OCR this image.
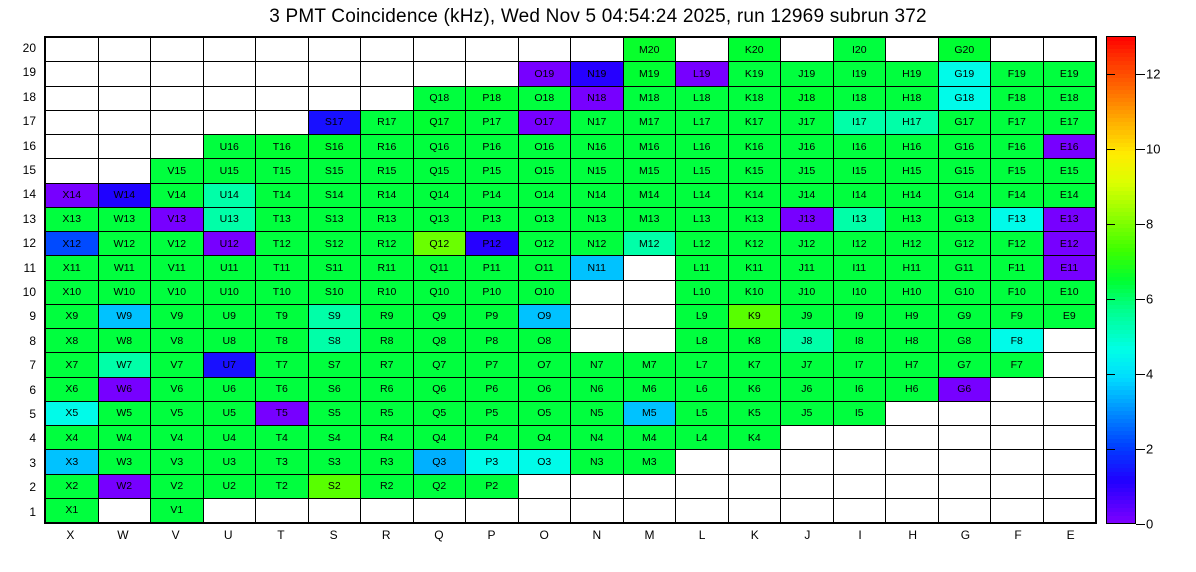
3 PMT Coincidence (kHz), Wed Nov 5 04:54:24 2025, run 12969 subrun 372
20
19
18
17
16
15
14
13
12
11
10
9
8
7
6
5
4
3
2
1
											M20		K20		I20		G20		
									O19	N19	M19	L19	K19	J19	I19	H19	G19	F19	E19
							Q18	P18	O18	N18	M18	L18	K18	J18	I18	H18	G18	F18	E18
					S17	R17	Q17	P17	O17	N17	M17	L17	K17	J17	I17	H17	G17	F17	E17
			U16	T16	S16	R16	Q16	P16	O16	N16	M16	L16	K16	J16	I16	H16	G16	F16	E16
		V15	U15	T15	S15	R15	Q15	P15	O15	N15	M15	L15	K15	J15	I15	H15	G15	F15	E15
X14	W14	V14	U14	T14	S14	R14	Q14	P14	O14	N14	M14	L14	K14	J14	I14	H14	G14	F14	E14
X13	W13	V13	U13	T13	S13	R13	Q13	P13	O13	N13	M13	L13	K13	J13	I13	H13	G13	F13	E13
X12	W12	V12	U12	T12	S12	R12	Q12	P12	O12	N12	M12	L12	K12	J12	I12	H12	G12	F12	E12
X11	W11	V11	U11	T11	S11	R11	Q11	P11	O11	N11		L11	K11	J11	I11	H11	G11	F11	E11
X10	W10	V10	U10	T10	S10	R10	Q10	P10	O10			L10	K10	J10	I10	H10	G10	F10	E10
X9	W9	V9	U9	T9	S9	R9	Q9	P9	O9			L9	K9	J9	I9	H9	G9	F9	E9
X8	W8	V8	U8	T8	S8	R8	Q8	P8	O8			L8	K8	J8	I8	H8	G8	F8	
X7	W7	V7	U7	T7	S7	R7	Q7	P7	O7	N7	M7	L7	K7	J7	I7	H7	G7	F7	
X6	W6	V6	U6	T6	S6	R6	Q6	P6	O6	N6	M6	L6	K6	J6	I6	H6	G6		
X5	W5	V5	U5	T5	S5	R5	Q5	P5	O5	N5	M5	L5	K5	J5	I5				
X4	W4	V4	U4	T4	S4	R4	Q4	P4	O4	N4	M4	L4	K4						
X3	W3	V3	U3	T3	S3	R3	Q3	P3	O3	N3	M3								
X2	W2	V2	U2	T2	S2	R2	Q2	P2											
X1		V1																	
X	W	V	U	T	S	R	Q	P	O	N	M	L	K	J	I	H	G	F	E
0
2
4
6
8
10
12
